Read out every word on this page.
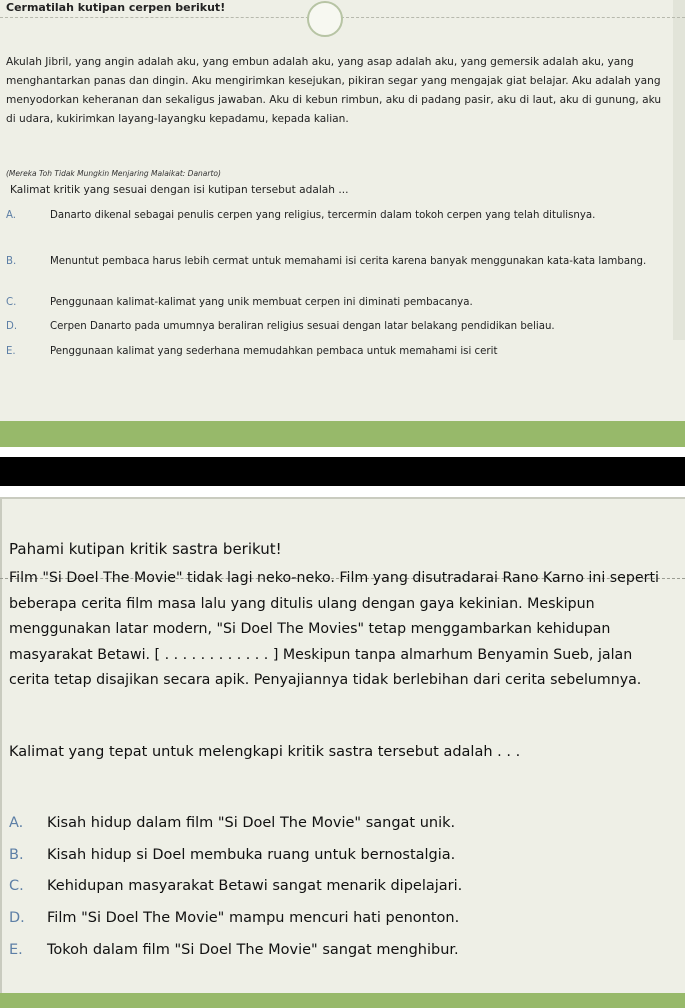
Cermatilah kutipan cerpen berikut!
Akulah Jibril, yang angin adalah aku, yang embun adalah aku, yang asap adalah aku, yang gemersik adalah aku, yang menghantarkan panas dan dingin. Aku mengirimkan kesejukan, pikiran segar yang mengajak giat belajar. Aku adalah yang menyodorkan keheranan dan sekaligus jawaban. Aku di kebun rimbun, aku di padang pasir, aku di laut, aku di gunung, aku di udara, kukirimkan layang-layangku kepadamu, kepada kalian.
(Mereka Toh Tidak Mungkin Menjaring Malaikat: Danarto)
Kalimat kritik yang sesuai dengan isi kutipan tersebut adalah ...
A.	Danarto dikenal sebagai penulis cerpen yang religius, tercermin dalam tokoh cerpen yang telah ditulisnya.
B.	Menuntut pembaca harus lebih cermat untuk memahami isi cerita karena banyak menggunakan kata-kata lambang.
C.	Penggunaan kalimat-kalimat yang unik membuat cerpen ini diminati pembacanya.
D.	Cerpen Danarto pada umumnya beraliran religius sesuai dengan latar belakang pendidikan beliau.
E.	Penggunaan kalimat yang sederhana memudahkan pembaca untuk memahami isi cerit
Pahami kutipan kritik sastra berikut!
Film "Si Doel The Movie" tidak lagi neko-neko. Film yang disutradarai Rano Karno ini seperti beberapa cerita film masa lalu yang ditulis ulang dengan gaya kekinian. Meskipun menggunakan latar modern, "Si Doel The Movies" tetap menggambarkan kehidupan masyarakat Betawi. [ . . . . . . . . . . . . ] Meskipun tanpa almarhum Benyamin Sueb, jalan cerita tetap disajikan secara apik. Penyajiannya tidak berlebihan dari cerita sebelumnya.
Kalimat yang tepat untuk melengkapi kritik sastra tersebut adalah . . .
A. Kisah hidup dalam film "Si Doel The Movie" sangat unik.
B. Kisah hidup si Doel membuka ruang untuk bernostalgia.
C. Kehidupan masyarakat Betawi sangat menarik dipelajari.
D. Film "Si Doel The Movie" mampu mencuri hati penonton.
E. Tokoh dalam film "Si Doel The Movie" sangat menghibur.
